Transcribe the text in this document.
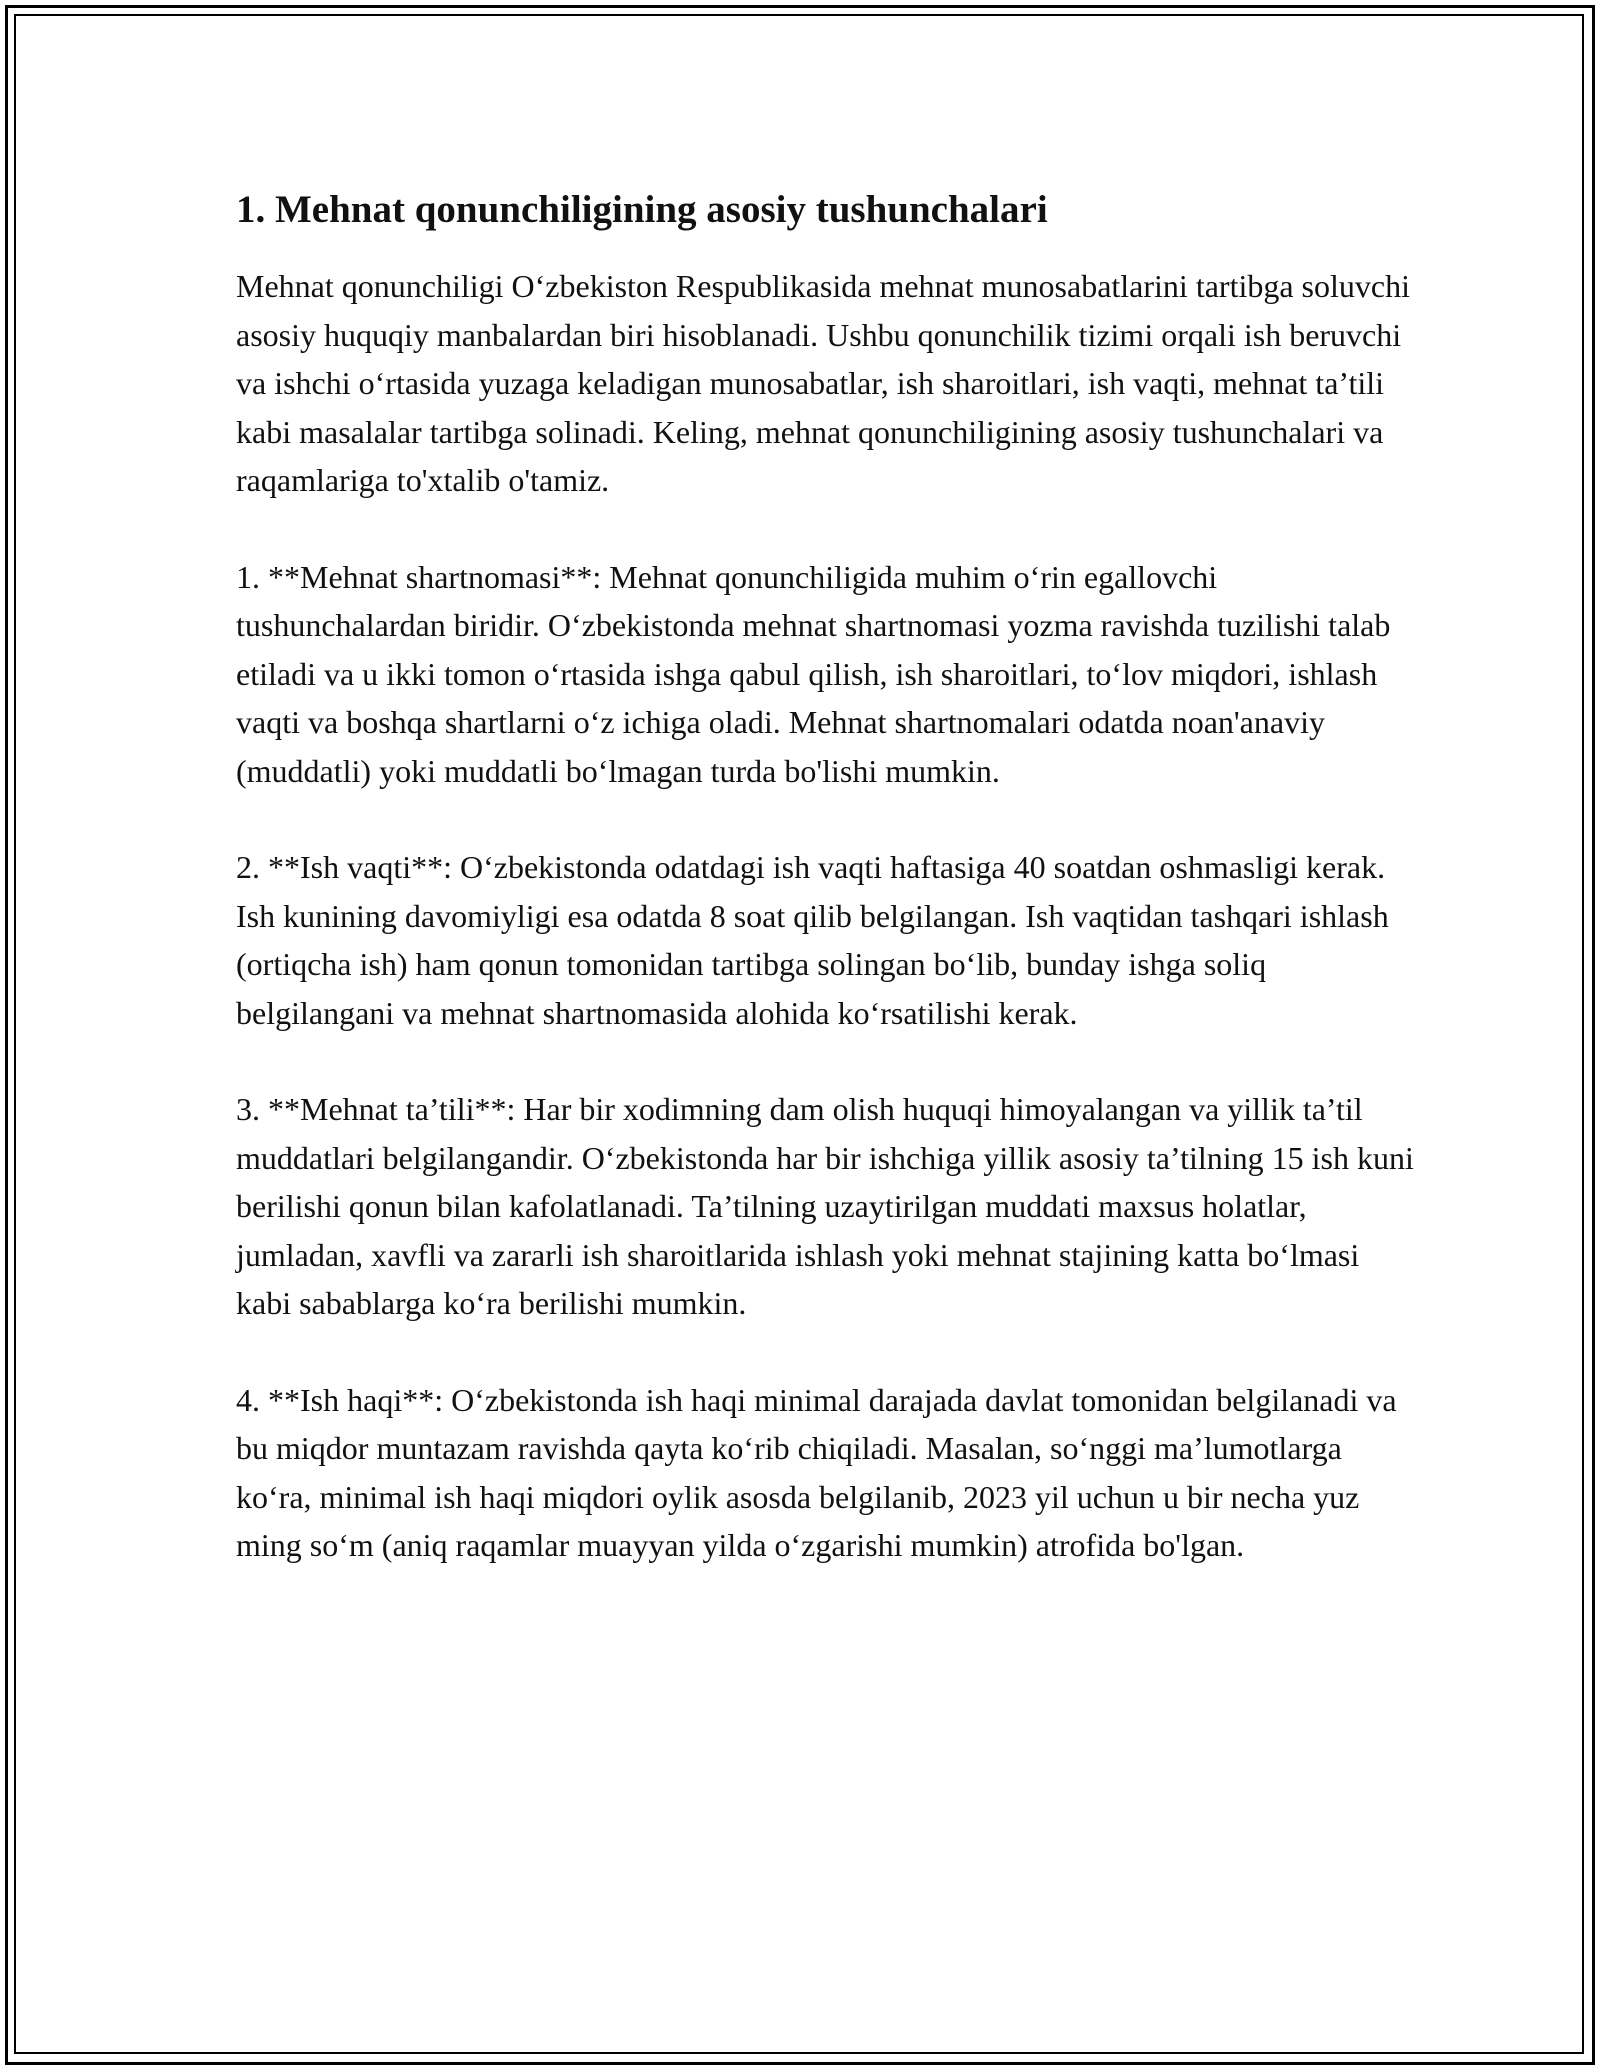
1. Mehnat qonunchiligining asosiy tushunchalari

Mehnat qonunchiligi O‘zbekiston Respublikasida mehnat munosabatlarini tartibga soluvchi asosiy huquqiy manbalardan biri hisoblanadi. Ushbu qonunchilik tizimi orqali ish beruvchi va ishchi o‘rtasida yuzaga keladigan munosabatlar, ish sharoitlari, ish vaqti, mehnat ta’tili kabi masalalar tartibga solinadi. Keling, mehnat qonunchiligining asosiy tushunchalari va raqamlariga to'xtalib o'tamiz.

1. **Mehnat shartnomasi**: Mehnat qonunchiligida muhim o‘rin egallovchi tushunchalardan biridir. O‘zbekistonda mehnat shartnomasi yozma ravishda tuzilishi talab etiladi va u ikki tomon o‘rtasida ishga qabul qilish, ish sharoitlari, to‘lov miqdori, ishlash vaqti va boshqa shartlarni o‘z ichiga oladi. Mehnat shartnomalari odatda noan'anaviy (muddatli) yoki muddatli bo‘lmagan turda bo'lishi mumkin.

2. **Ish vaqti**: O‘zbekistonda odatdagi ish vaqti haftasiga 40 soatdan oshmasligi kerak. Ish kunining davomiyligi esa odatda 8 soat qilib belgilangan. Ish vaqtidan tashqari ishlash (ortiqcha ish) ham qonun tomonidan tartibga solingan bo‘lib, bunday ishga soliq belgilangani va mehnat shartnomasida alohida ko‘rsatilishi kerak.

3. **Mehnat ta’tili**: Har bir xodimning dam olish huquqi himoyalangan va yillik ta’til muddatlari belgilangandir. O‘zbekistonda har bir ishchiga yillik asosiy ta’tilning 15 ish kuni berilishi qonun bilan kafolatlanadi. Ta’tilning uzaytirilgan muddati maxsus holatlar, jumladan, xavfli va zararli ish sharoitlarida ishlash yoki mehnat stajining katta bo‘lmasi kabi sabablarga ko‘ra berilishi mumkin.

4. **Ish haqi**: O‘zbekistonda ish haqi minimal darajada davlat tomonidan belgilanadi va bu miqdor muntazam ravishda qayta ko‘rib chiqiladi. Masalan, so‘nggi ma’lumotlarga ko‘ra, minimal ish haqi miqdori oylik asosda belgilanib, 2023 yil uchun u bir necha yuz ming so‘m (aniq raqamlar muayyan yilda o‘zgarishi mumkin) atrofida bo'lgan.
